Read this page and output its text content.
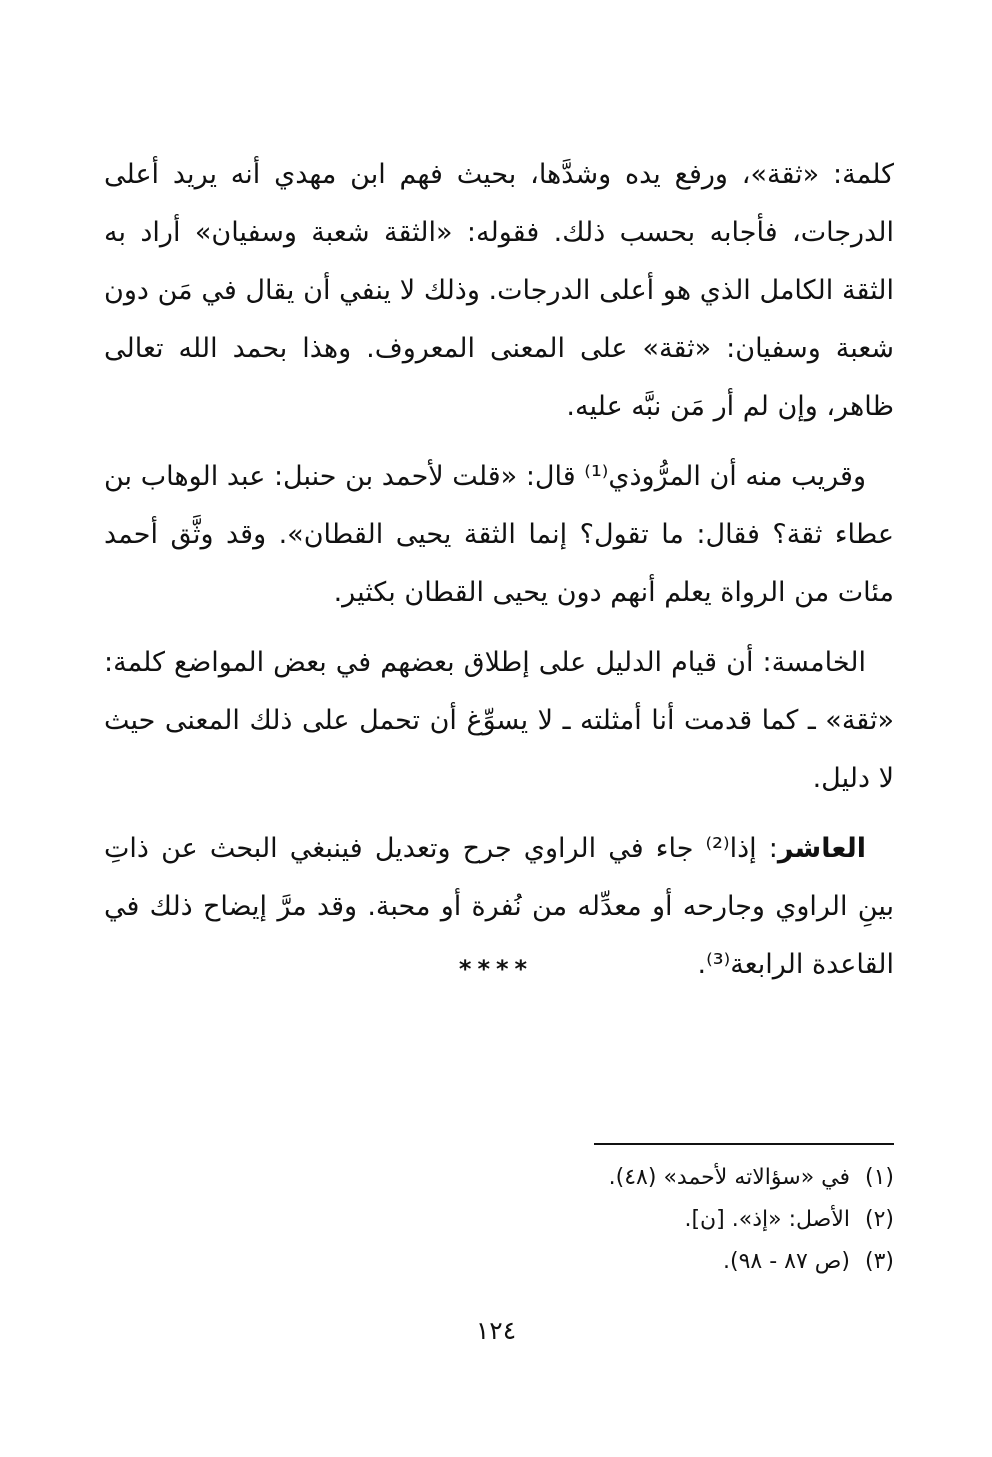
كلمة: «ثقة»، ورفع يده وشدَّها، بحيث فهم ابن مهدي أنه يريد أعلى الدرجات، فأجابه بحسب ذلك. فقوله: «الثقة شعبة وسفيان» أراد به الثقة الكامل الذي هو أعلى الدرجات. وذلك لا ينفي أن يقال في مَن دون شعبة وسفيان: «ثقة» على المعنى المعروف. وهذا بحمد الله تعالى ظاهر، وإن لم أر مَن نبَّه عليه.

وقريب منه أن المرُّوذي⁽¹⁾ قال: «قلت لأحمد بن حنبل: عبد الوهاب بن عطاء ثقة؟ فقال: ما تقول؟ إنما الثقة يحيى القطان». وقد وثَّق أحمد مئات من الرواة يعلم أنهم دون يحيى القطان بكثير.

الخامسة: أن قيام الدليل على إطلاق بعضهم في بعض المواضع كلمة: «ثقة» ـ كما قدمت أنا أمثلته ـ لا يسوِّغ أن تحمل على ذلك المعنى حيث لا دليل.

العاشر: إذا⁽²⁾ جاء في الراوي جرح وتعديل فينبغي البحث عن ذاتِ بينِ الراوي وجارحه أو معدِّله من نُفرة أو محبة. وقد مرَّ إيضاح ذلك في القاعدة الرابعة⁽³⁾.

****
(١)
في «سؤالاته لأحمد» (٤٨).
(٢)
الأصل: «إذ». [ن].
(٣)
(ص ٨٧ - ٩٨).
١٢٤
